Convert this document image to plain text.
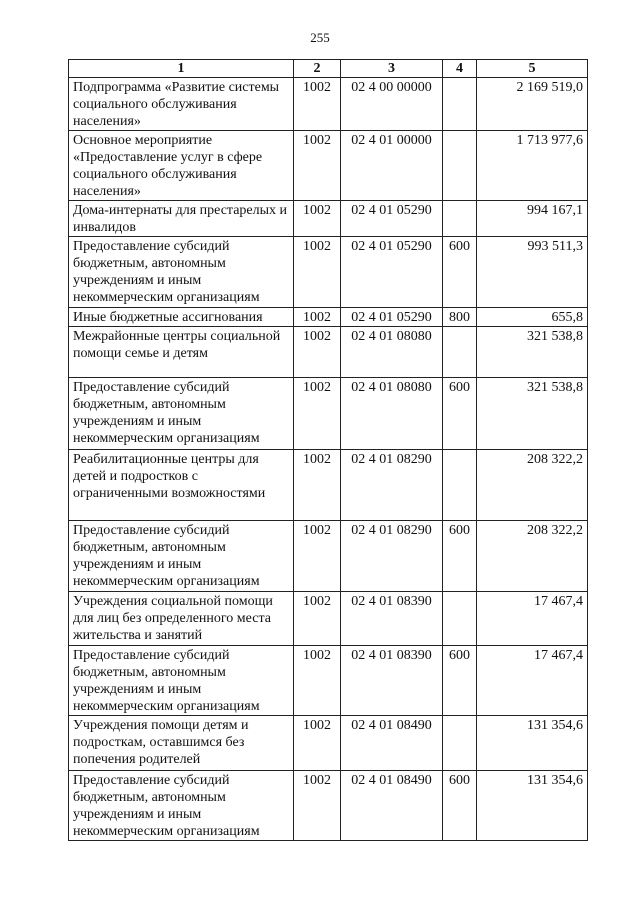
255
1	2	3	4	5
Подпрограмма «Развитие системы социального обслуживания населения»	1002	02 4 00 00000		2 169 519,0
Основное мероприятие «Предоставление услуг в сфере социального обслуживания населения»	1002	02 4 01 00000		1 713 977,6
Дома-интернаты для престарелых и инвалидов	1002	02 4 01 05290		994 167,1
Предоставление субсидий бюджетным, автономным учреждениям и иным некоммерческим организациям	1002	02 4 01 05290	600	993 511,3
Иные бюджетные ассигнования	1002	02 4 01 05290	800	655,8
Межрайонные центры социальной помощи семье и детям	1002	02 4 01 08080		321 538,8
Предоставление субсидий бюджетным, автономным учреждениям и иным некоммерческим организациям	1002	02 4 01 08080	600	321 538,8
Реабилитационные центры для детей и подростков с ограниченными возможностями	1002	02 4 01 08290		208 322,2
Предоставление субсидий бюджетным, автономным учреждениям и иным некоммерческим организациям	1002	02 4 01 08290	600	208 322,2
Учреждения социальной помощи для лиц без определенного места жительства и занятий	1002	02 4 01 08390		17 467,4
Предоставление субсидий бюджетным, автономным учреждениям и иным некоммерческим организациям	1002	02 4 01 08390	600	17 467,4
Учреждения помощи детям и подросткам, оставшимся без попечения родителей	1002	02 4 01 08490		131 354,6
Предоставление субсидий бюджетным, автономным учреждениям и иным некоммерческим организациям	1002	02 4 01 08490	600	131 354,6
